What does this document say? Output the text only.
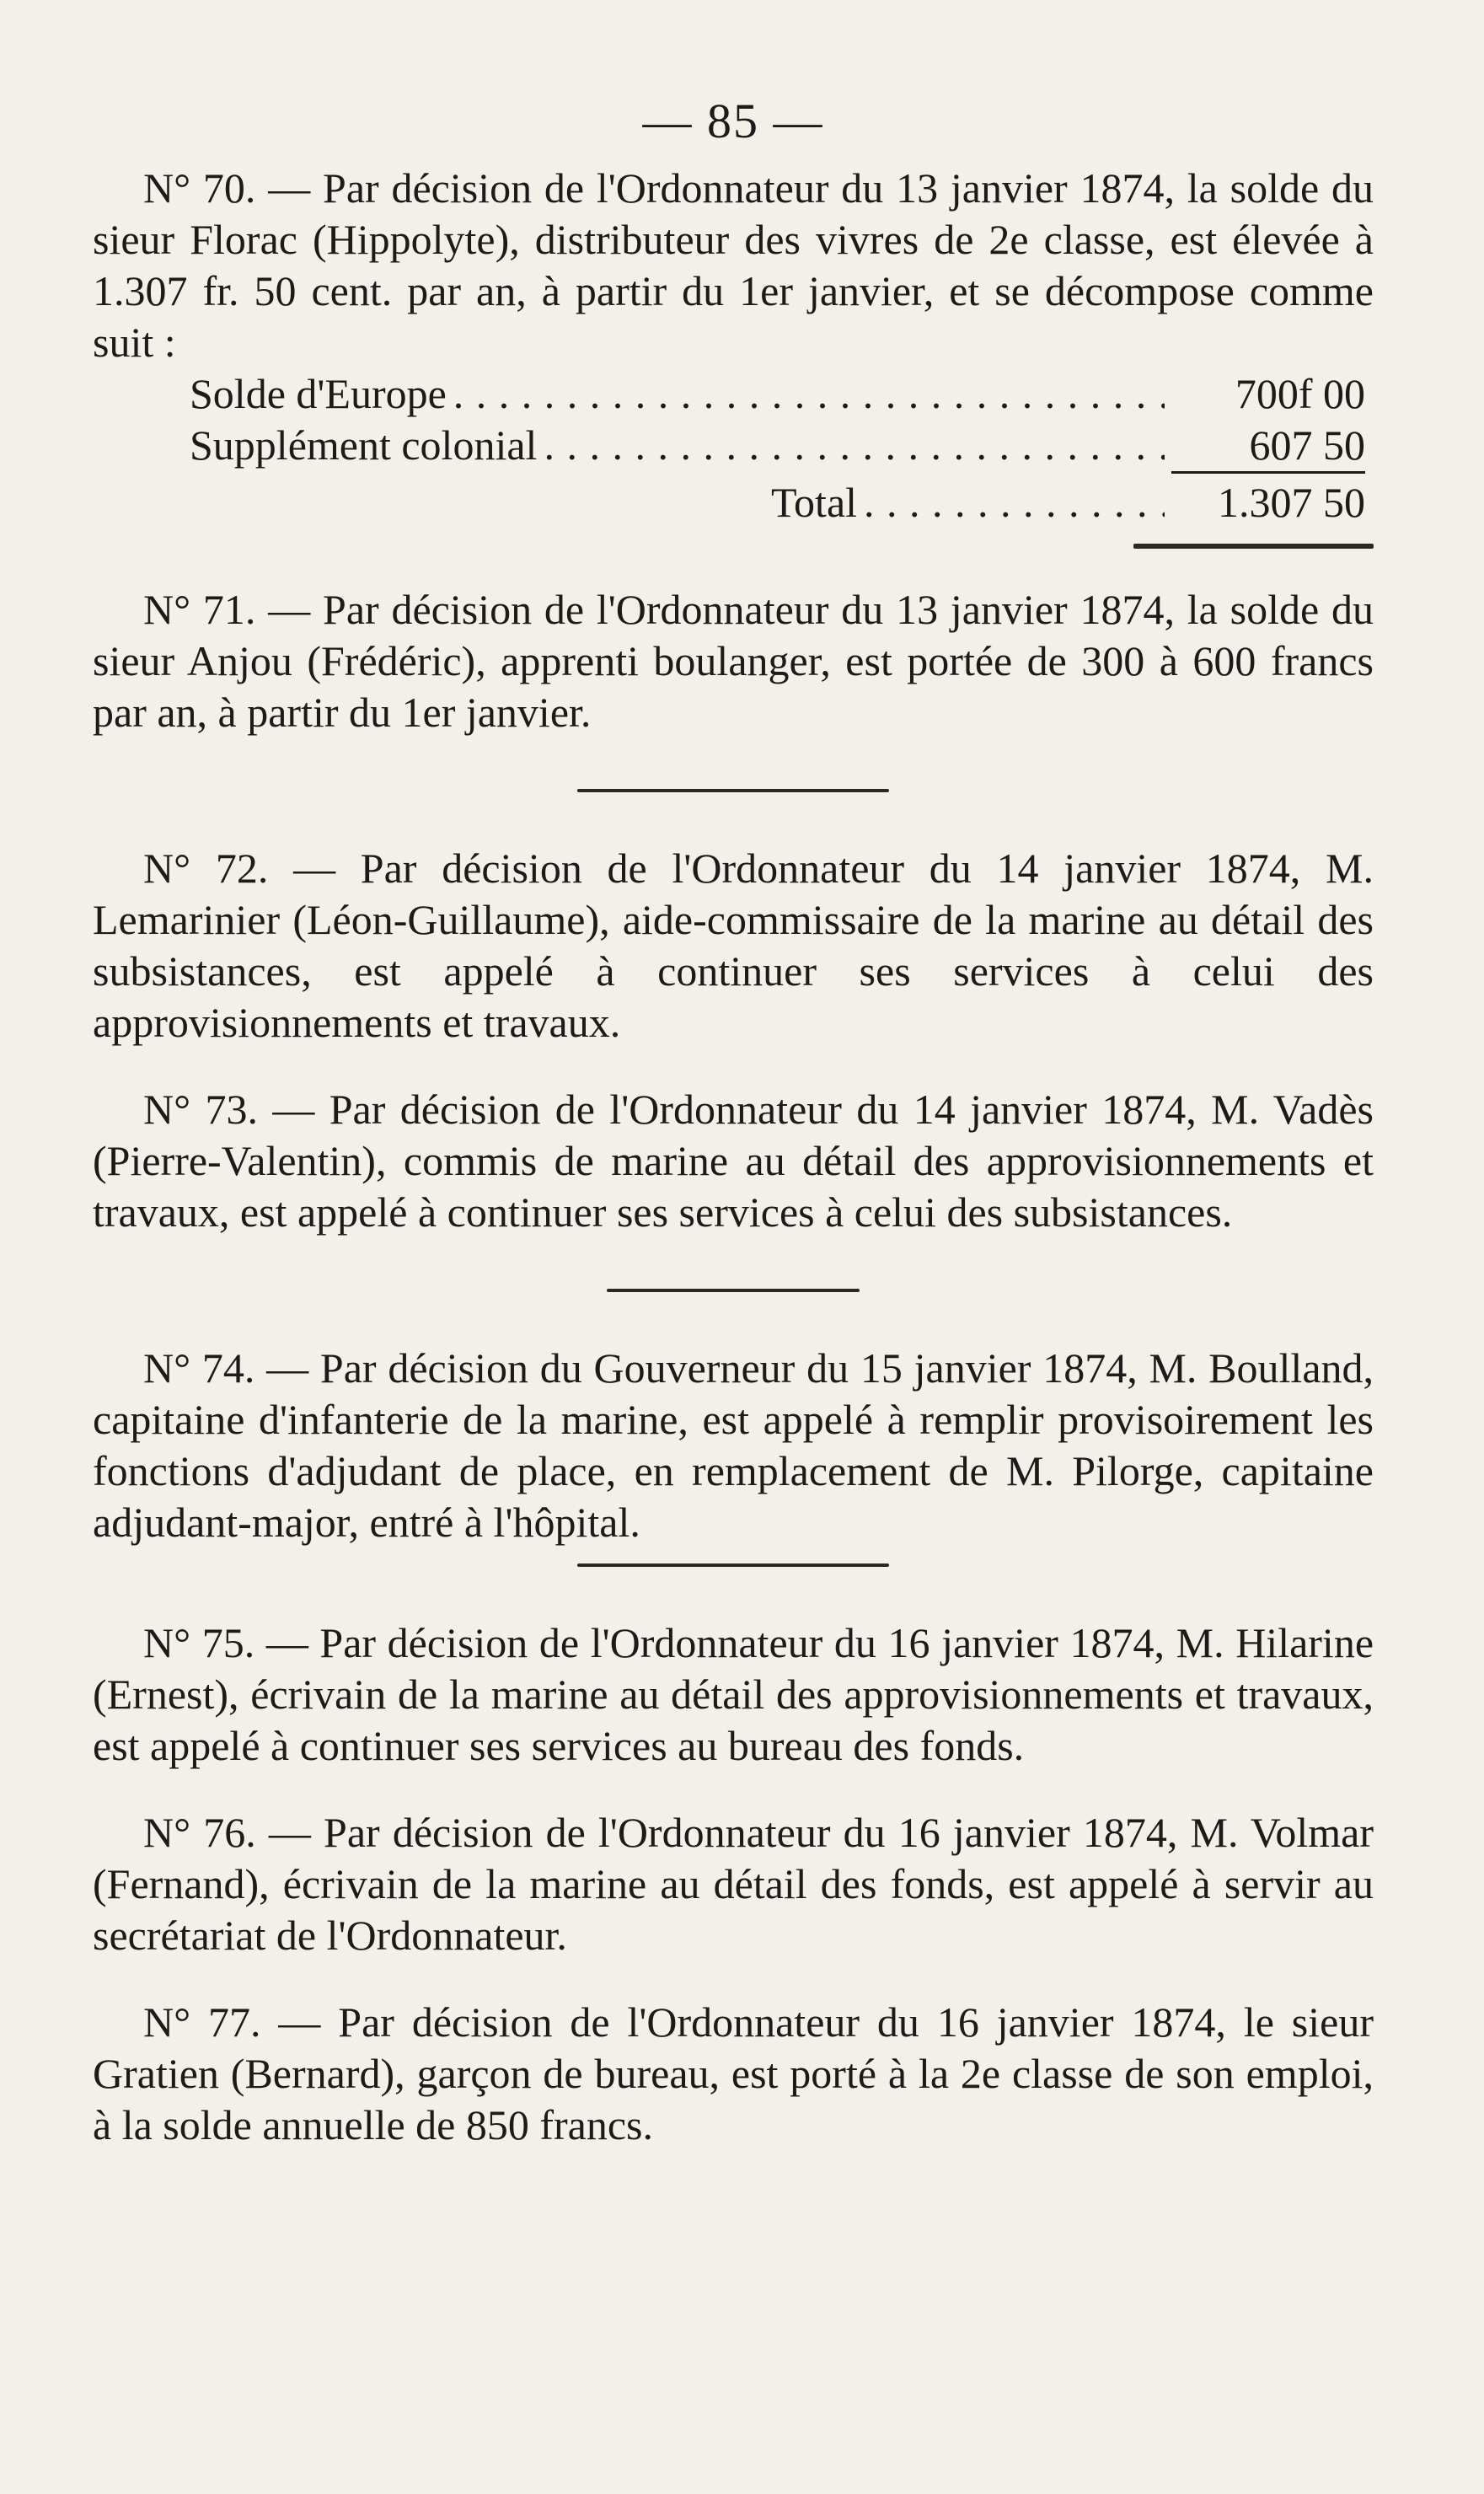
— 85 —

N° 70. — Par décision de l'Ordonnateur du 13 janvier 1874, la solde du sieur Florac (Hippolyte), distributeur des vivres de 2e classe, est élevée à 1.307 fr. 50 cent. par an, à partir du 1er janvier, et se décompose comme suit :

Solde d'Europe . . .	700f 00
Supplément colonial . . .	607 50
Total . . .	1.307 50

N° 71. — Par décision de l'Ordonnateur du 13 janvier 1874, la solde du sieur Anjou (Frédéric), apprenti boulanger, est portée de 300 à 600 francs par an, à partir du 1er janvier.

N° 72. — Par décision de l'Ordonnateur du 14 janvier 1874, M. Lemarinier (Léon-Guillaume), aide-commissaire de la marine au détail des subsistances, est appelé à continuer ses services à celui des approvisionnements et travaux.

N° 73. — Par décision de l'Ordonnateur du 14 janvier 1874, M. Vadès (Pierre-Valentin), commis de marine au détail des approvisionnements et travaux, est appelé à continuer ses services à celui des subsistances.

N° 74. — Par décision du Gouverneur du 15 janvier 1874, M. Boulland, capitaine d'infanterie de la marine, est appelé à remplir provisoirement les fonctions d'adjudant de place, en remplacement de M. Pilorge, capitaine adjudant-major, entré à l'hôpital.

N° 75. — Par décision de l'Ordonnateur du 16 janvier 1874, M. Hilarine (Ernest), écrivain de la marine au détail des approvisionnements et travaux, est appelé à continuer ses services au bureau des fonds.

N° 76. — Par décision de l'Ordonnateur du 16 janvier 1874, M. Volmar (Fernand), écrivain de la marine au détail des fonds, est appelé à servir au secrétariat de l'Ordonnateur.

N° 77. — Par décision de l'Ordonnateur du 16 janvier 1874, le sieur Gratien (Bernard), garçon de bureau, est porté à la 2e classe de son emploi, à la solde annuelle de 850 francs.
